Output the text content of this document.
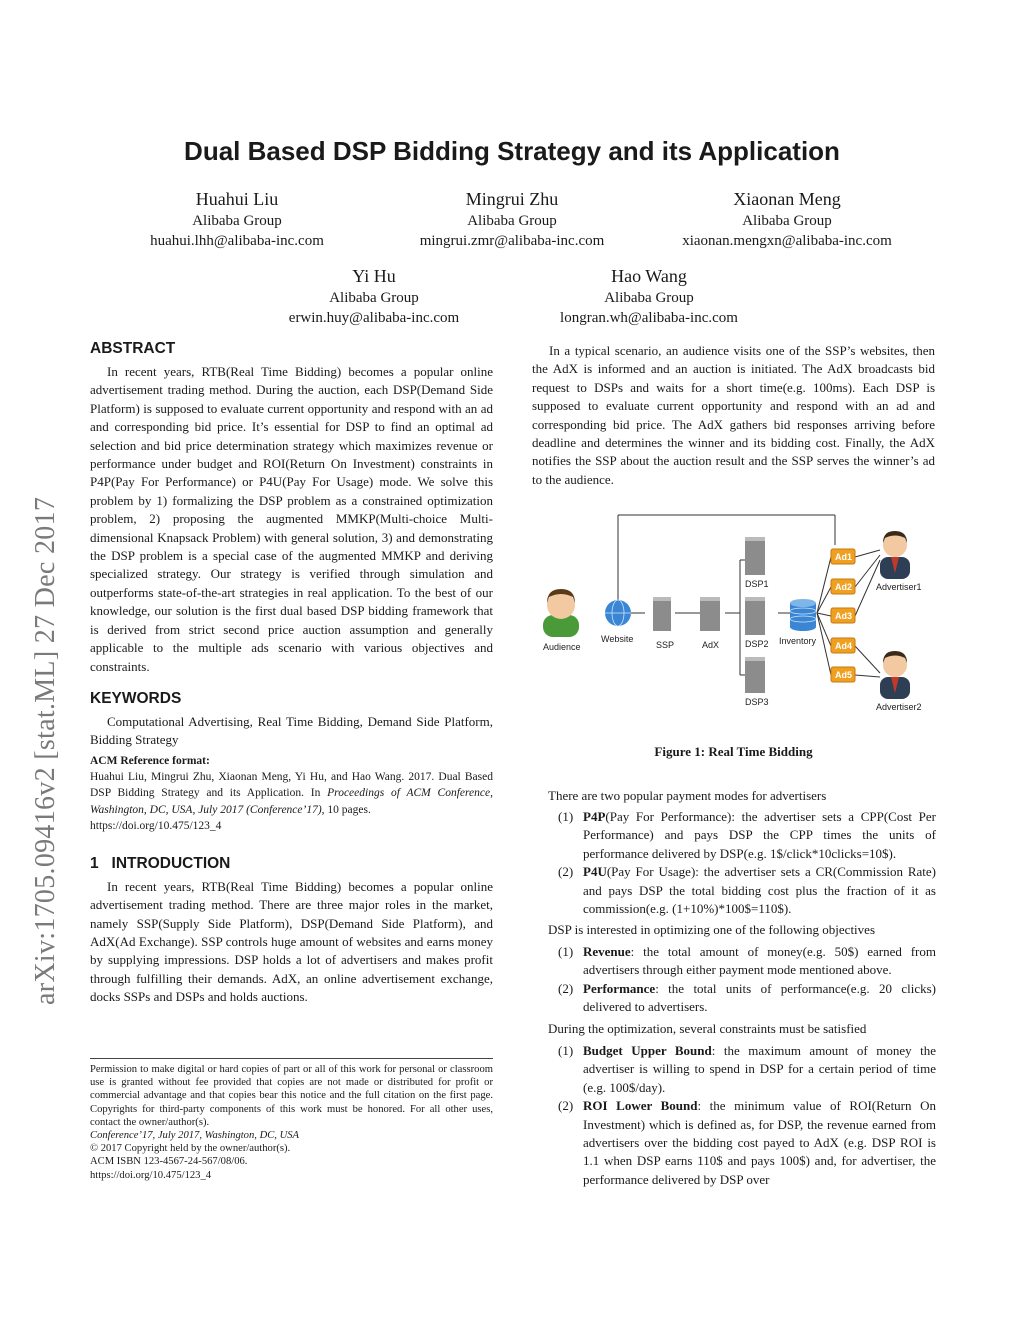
arXiv:1705.09416v2 [stat.ML] 27 Dec 2017
Dual Based DSP Bidding Strategy and its Application
Huahui Liu
Alibaba Group
huahui.lhh@alibaba-inc.com
Mingrui Zhu
Alibaba Group
mingrui.zmr@alibaba-inc.com
Xiaonan Meng
Alibaba Group
xiaonan.mengxn@alibaba-inc.com
Yi Hu
Alibaba Group
erwin.huy@alibaba-inc.com
Hao Wang
Alibaba Group
longran.wh@alibaba-inc.com
ABSTRACT
In recent years, RTB(Real Time Bidding) becomes a popular online advertisement trading method. During the auction, each DSP(Demand Side Platform) is supposed to evaluate current opportunity and respond with an ad and corresponding bid price. It’s essential for DSP to find an optimal ad selection and bid price determination strategy which maximizes revenue or performance under budget and ROI(Return On Investment) constraints in P4P(Pay For Performance) or P4U(Pay For Usage) mode. We solve this problem by 1) formalizing the DSP problem as a constrained optimization problem, 2) proposing the augmented MMKP(Multi-choice Multi-dimensional Knapsack Problem) with general solution, 3) and demonstrating the DSP problem is a special case of the augmented MMKP and deriving specialized strategy. Our strategy is verified through simulation and outperforms state-of-the-art strategies in real application. To the best of our knowledge, our solution is the first dual based DSP bidding framework that is derived from strict second price auction assumption and generally applicable to the multiple ads scenario with various objectives and constraints.
KEYWORDS
Computational Advertising, Real Time Bidding, Demand Side Platform, Bidding Strategy
ACM Reference format:
Huahui Liu, Mingrui Zhu, Xiaonan Meng, Yi Hu, and Hao Wang. 2017. Dual Based DSP Bidding Strategy and its Application. In Proceedings of ACM Conference, Washington, DC, USA, July 2017 (Conference’17), 10 pages.
https://doi.org/10.475/123_4
1 INTRODUCTION
In recent years, RTB(Real Time Bidding) becomes a popular online advertisement trading method. There are three major roles in the market, namely SSP(Supply Side Platform), DSP(Demand Side Platform), and AdX(Ad Exchange). SSP controls huge amount of websites and earns money by supplying impressions. DSP holds a lot of advertisers and makes profit through fulfilling their demands. AdX, an online advertisement exchange, docks SSPs and DSPs and holds auctions.
Permission to make digital or hard copies of part or all of this work for personal or classroom use is granted without fee provided that copies are not made or distributed for profit or commercial advantage and that copies bear this notice and the full citation on the first page. Copyrights for third-party components of this work must be honored. For all other uses, contact the owner/author(s).
Conference’17, July 2017, Washington, DC, USA
© 2017 Copyright held by the owner/author(s).
ACM ISBN 123-4567-24-567/08/06.
https://doi.org/10.475/123_4
In a typical scenario, an audience visits one of the SSP’s websites, then the AdX is informed and an auction is initiated. The AdX broadcasts bid request to DSPs and waits for a short time(e.g. 100ms). Each DSP is supposed to evaluate current opportunity and respond with an ad and corresponding bid price. The AdX gathers bid responses arriving before deadline and determines the winner and its bidding cost. Finally, the AdX notifies the SSP about the auction result and the SSP serves the winner’s ad to the audience.
Audience
Website
SSP	AdX
DSP1
DSP2
DSP3
Inventory
Ad1
Ad2
Ad3
Ad4
Ad5
Advertiser1
Advertiser2
Figure 1: Real Time Bidding
There are two popular payment modes for advertisers
(1) P4P(Pay For Performance): the advertiser sets a CPP(Cost Per Performance) and pays DSP the CPP times the units of performance delivered by DSP(e.g. 1$/click*10clicks=10$).
(2) P4U(Pay For Usage): the advertiser sets a CR(Commission Rate) and pays DSP the total bidding cost plus the fraction of it as commission(e.g. (1+10%)*100$=110$).
DSP is interested in optimizing one of the following objectives
(1) Revenue: the total amount of money(e.g. 50$) earned from advertisers through either payment mode mentioned above.
(2) Performance: the total units of performance(e.g. 20 clicks) delivered to advertisers.
During the optimization, several constraints must be satisfied
(1) Budget Upper Bound: the maximum amount of money the advertiser is willing to spend in DSP for a certain period of time (e.g. 100$/day).
(2) ROI Lower Bound: the minimum value of ROI(Return On Investment) which is defined as, for DSP, the revenue earned from advertisers over the bidding cost payed to AdX (e.g. DSP ROI is 1.1 when DSP earns 110$ and pays 100$) and, for advertiser, the performance delivered by DSP over
